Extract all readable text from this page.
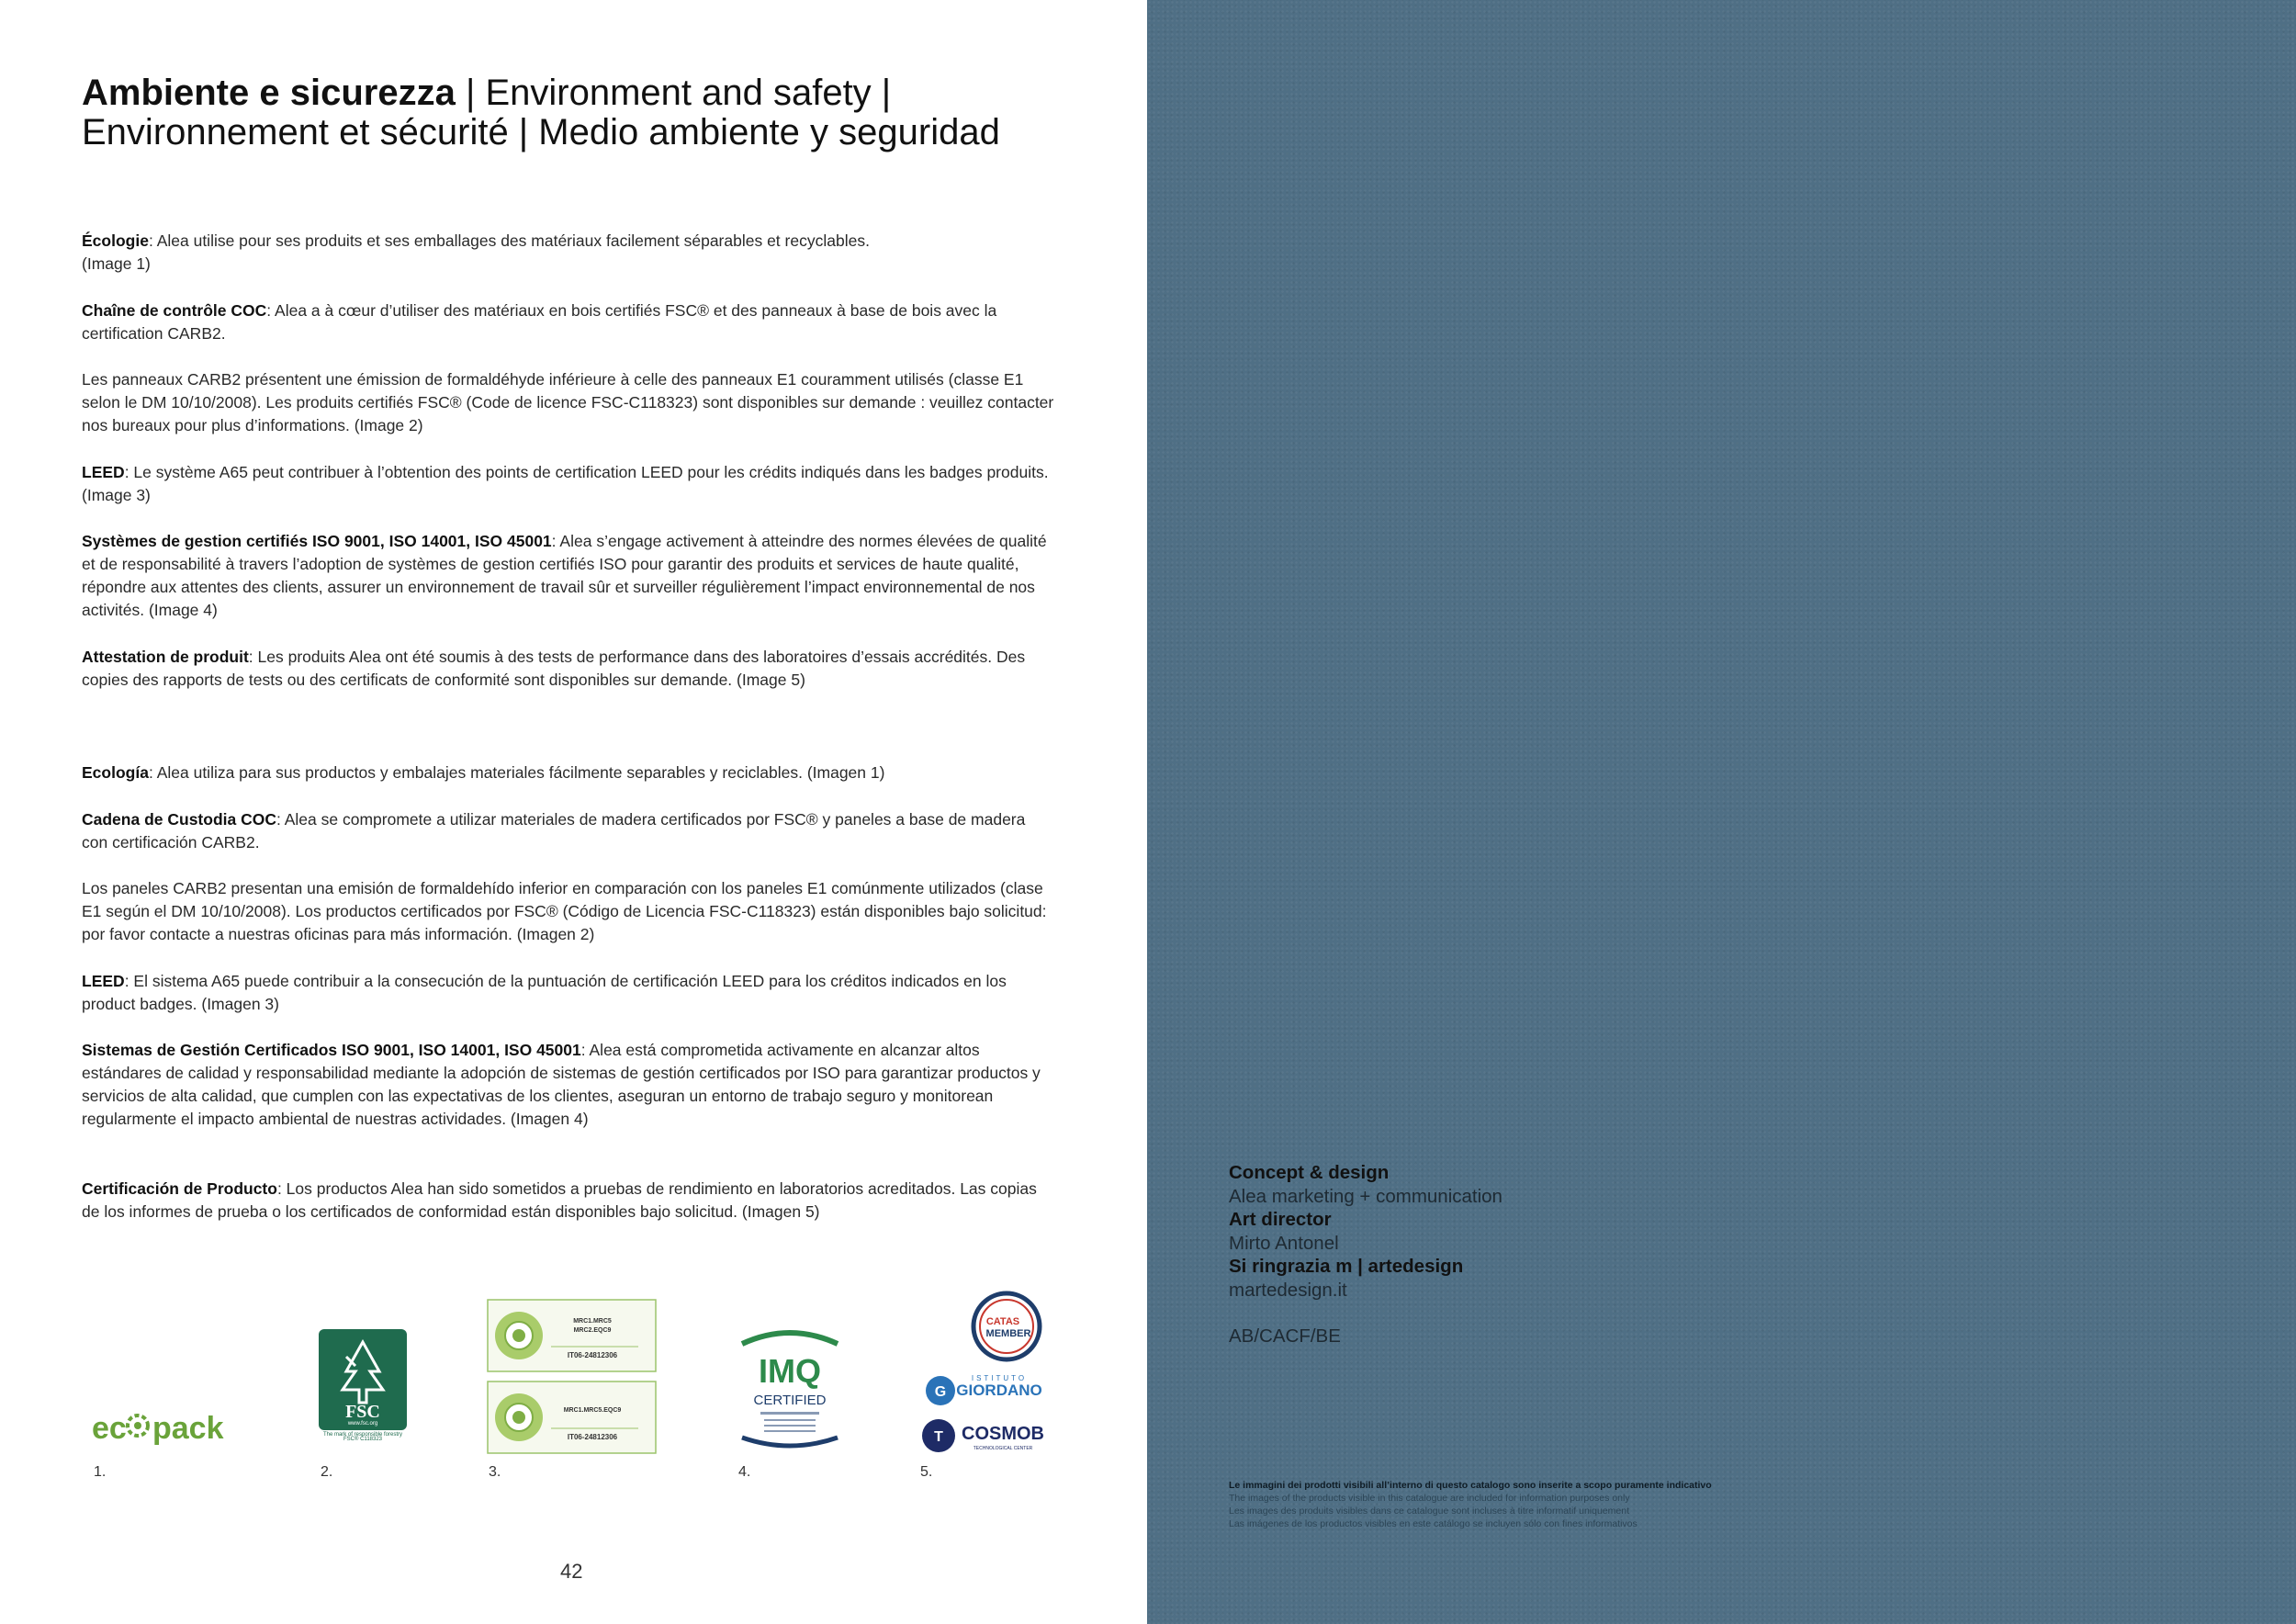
Ambiente e sicurezza | Environment and safety |
Environnement et sécurité | Medio ambiente y seguridad

Écologie: Alea utilise pour ses produits et ses emballages des matériaux facilement séparables et recyclables.
(Image 1)

Chaîne de contrôle COC: Alea a à cœur d’utiliser des matériaux en bois certifiés FSC® et des panneaux à base de bois avec la certification CARB2.

Les panneaux CARB2 présentent une émission de formaldéhyde inférieure à celle des panneaux E1 couramment utilisés (classe E1 selon le DM 10/10/2008). Les produits certifiés FSC® (Code de licence FSC-C118323) sont disponibles sur demande : veuillez contacter nos bureaux pour plus d’informations. (Image 2)

LEED: Le système A65 peut contribuer à l’obtention des points de certification LEED pour les crédits indiqués dans les badges produits. (Image 3)

Systèmes de gestion certifiés ISO 9001, ISO 14001, ISO 45001: Alea s’engage activement à atteindre des normes élevées de qualité et de responsabilité à travers l’adoption de systèmes de gestion certifiés ISO pour garantir des produits et services de haute qualité, répondre aux attentes des clients, assurer un environnement de travail sûr et surveiller régulièrement l’impact environnemental de nos activités. (Image 4)

Attestation de produit: Les produits Alea ont été soumis à des tests de performance dans des laboratoires d’essais accrédités. Des copies des rapports de tests ou des certificats de conformité sont disponibles sur demande. (Image 5)

Ecología: Alea utiliza para sus productos y embalajes materiales fácilmente separables y reciclables. (Imagen 1)

Cadena de Custodia COC: Alea se compromete a utilizar materiales de madera certificados por FSC® y paneles a base de madera con certificación CARB2.

Los paneles CARB2 presentan una emisión de formaldehído inferior en comparación con los paneles E1 comúnmente utilizados (clase E1 según el DM 10/10/2008). Los productos certificados por FSC® (Código de Licencia FSC-C118323) están disponibles bajo solicitud: por favor contacte a nuestras oficinas para más información. (Imagen 2)

LEED: El sistema A65 puede contribuir a la consecución de la puntuación de certificación LEED para los créditos indicados en los product badges. (Imagen 3)

Sistemas de Gestión Certificados ISO 9001, ISO 14001, ISO 45001: Alea está comprometida activamente en alcanzar altos estándares de calidad y responsabilidad mediante la adopción de sistemas de gestión certificados por ISO para garantizar productos y servicios de alta calidad, que cumplen con las expectativas de los clientes, aseguran un entorno de trabajo seguro y monitorean regularmente el impacto ambiental de nuestras actividades. (Imagen 4)

Certificación de Producto: Los productos Alea han sido sometidos a pruebas de rendimiento en laboratorios acreditados. Las copias de los informes de prueba o los certificados de conformidad están disponibles bajo solicitud. (Imagen 5)

ec pack
1.
FSC
www.fsc.org
FSC® C118323
The mark of responsible forestry
2.
MRC1.MRC5
MRC2.EQC9
IT06-24812306
MRC1.MRC5.EQC9
IT06-24812306
3.
IMQ
CERTIFIED
4.
CATAS
MEMBER
G
ISTITUTO
GIORDANO
T COSMOB
TECHNOLOGICAL CENTER
5.
42
Concept & design
Alea marketing + communication
Art director
Mirto Antonel
Si ringrazia m | artedesign
martedesign.it
AB/CACF/BE
Le immagini dei prodotti visibili all’interno di questo catalogo sono inserite a scopo puramente indicativo
The images of the products visible in this catalogue are included for information purposes only
Les images des produits visibles dans ce catalogue sont incluses à titre informatif uniquement
Las imágenes de los productos visibles en este catálogo se incluyen sólo con fines informativos
